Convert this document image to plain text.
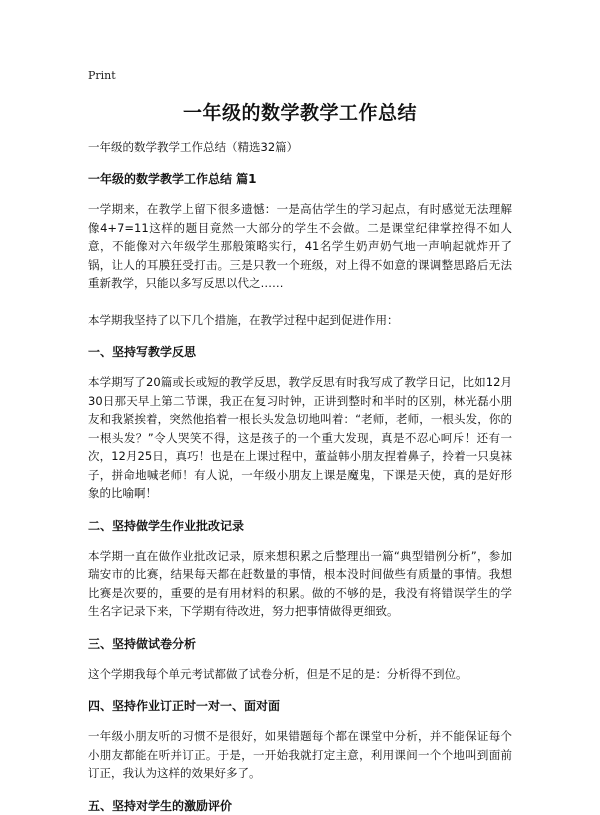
Print
一年级的数学教学工作总结
一年级的数学教学工作总结（精选32篇）
一年级的数学教学工作总结 篇1
一学期来，在教学上留下很多遗憾：一是高估学生的学习起点，有时感觉无法理解像4+7=11这样的题目竟然一大部分的学生不会做。二是课堂纪律掌控得不如人意，不能像对六年级学生那般策略实行，41名学生奶声奶气地一声响起就炸开了锅，让人的耳膜狂受打击。三是只教一个班级，对上得不如意的课调整思路后无法重新教学，只能以多写反思以代之……
本学期我坚持了以下几个措施，在教学过程中起到促进作用：
一、坚持写教学反思
本学期写了20篇或长或短的教学反思，教学反思有时我写成了教学日记，比如12月30日那天早上第二节课，我正在复习时钟，正讲到整时和半时的区别，林光磊小朋友和我紧挨着，突然他掐着一根长头发急切地叫着：“老师，老师，一根头发，你的一根头发？”令人哭笑不得，这是孩子的一个重大发现，真是不忍心呵斥！还有一次，12月25日，真巧！也是在上课过程中，董益韩小朋友捏着鼻子，拎着一只臭袜子，拼命地喊老师！有人说，一年级小朋友上课是魔鬼，下课是天使，真的是好形象的比喻啊！
二、坚持做学生作业批改记录
本学期一直在做作业批改记录，原来想积累之后整理出一篇“典型错例分析”，参加瑞安市的比赛，结果每天都在赶数量的事情，根本没时间做些有质量的事情。我想比赛是次要的，重要的是有用材料的积累。做的不够的是，我没有将错误学生的学生名字记录下来，下学期有待改进，努力把事情做得更细致。
三、坚持做试卷分析
这个学期我每个单元考试都做了试卷分析，但是不足的是：分析得不到位。
四、坚持作业订正时一对一、面对面
一年级小朋友听的习惯不是很好，如果错题每个都在课堂中分析，并不能保证每个小朋友都能在听并订正。于是，一开始我就打定主意，利用课间一个个地叫到面前订正，我认为这样的效果好多了。
五、坚持对学生的激励评价
